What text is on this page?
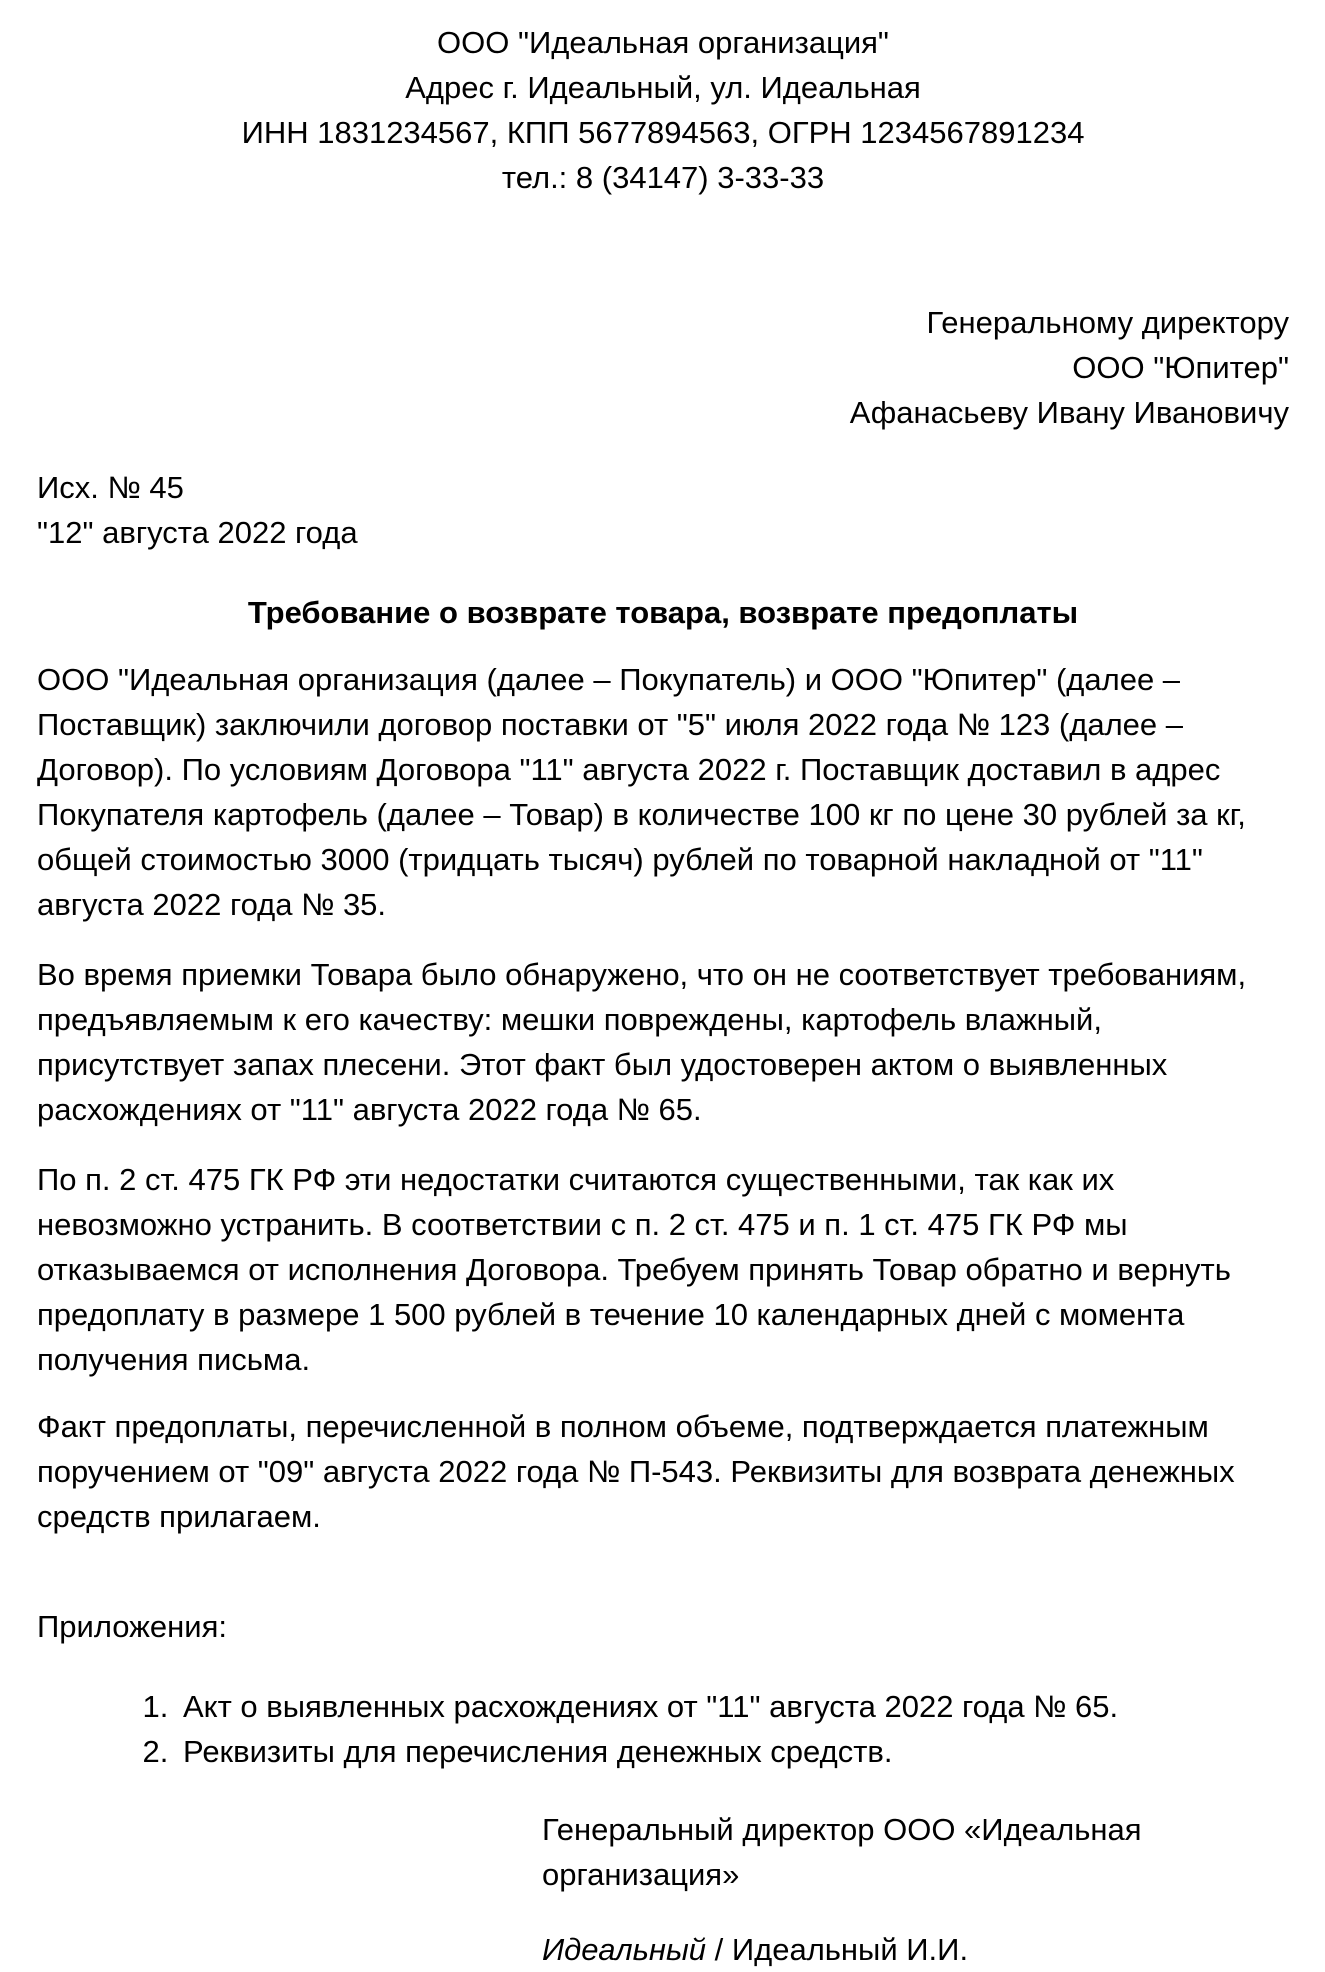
ООО "Идеальная организация"
Адрес г. Идеальный, ул. Идеальная
ИНН 1831234567, КПП 5677894563, ОГРН 1234567891234
тел.: 8 (34147) 3-33-33
Генеральному директору
ООО "Юпитер"
Афанасьеву Ивану Ивановичу
Исх. № 45
"12" августа 2022 года
Требование о возврате товара, возврате предоплаты
ООО "Идеальная организация (далее – Покупатель) и ООО "Юпитер" (далее – Поставщик) заключили договор поставки от "5" июля 2022 года № 123 (далее – Договор). По условиям Договора "11" августа 2022 г. Поставщик доставил в адрес Покупателя картофель (далее – Товар) в количестве 100 кг по цене 30 рублей за кг, общей стоимостью 3000 (тридцать тысяч) рублей по товарной накладной от "11" августа 2022 года № 35.
Во время приемки Товара было обнаружено, что он не соответствует требованиям, предъявляемым к его качеству: мешки повреждены, картофель влажный, присутствует запах плесени. Этот факт был удостоверен актом о выявленных расхождениях от "11" августа 2022 года № 65.
По п. 2 ст. 475 ГК РФ эти недостатки считаются существенными, так как их невозможно устранить. В соответствии с п. 2 ст. 475 и п. 1 ст. 475 ГК РФ мы отказываемся от исполнения Договора. Требуем принять Товар обратно и вернуть предоплату в размере 1 500 рублей в течение 10 календарных дней с момента получения письма.
Факт предоплаты, перечисленной в полном объеме, подтверждается платежным поручением от "09" августа 2022 года № П-543. Реквизиты для возврата денежных средств прилагаем.
Приложения:
1. Акт о выявленных расхождениях от "11" августа 2022 года № 65.
2. Реквизиты для перечисления денежных средств.
Генеральный директор ООО «Идеальная организация»
Идеальный / Идеальный И.И.
